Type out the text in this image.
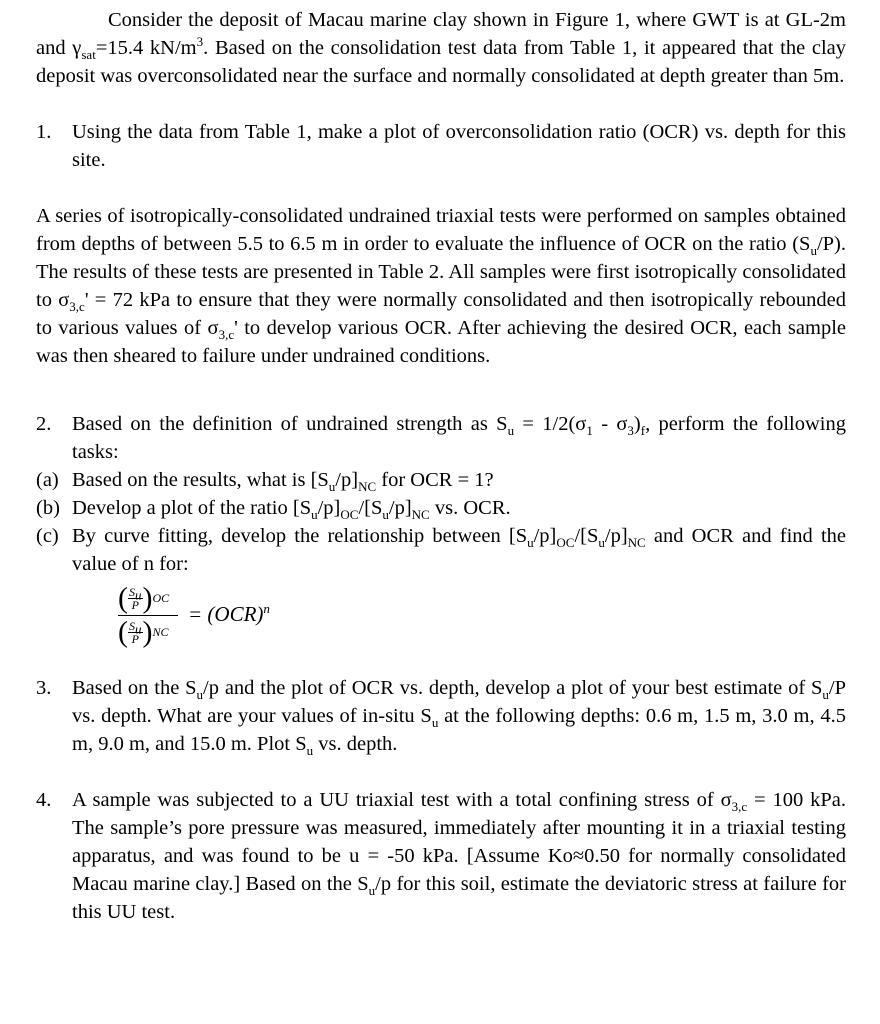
Consider the deposit of Macau marine clay shown in Figure 1, where GWT is at GL-2m and $\gamma_{sat}=15.4$ $kN/m^3$. Based on the consolidation test data from Table 1, it appeared that the clay deposit was overconsolidated near the surface and normally consolidated at depth greater than 5m.

1. Using the data from Table 1, make a plot of overconsolidation ratio (OCR) vs. depth for this site.

A series of isotropically-consolidated undrained triaxial tests were performed on samples obtained from depths of between 5.5 to 6.5 m in order to evaluate the influence of OCR on the ratio $(S_u/P)$. The results of these tests are presented in Table 2. All samples were first isotropically consolidated to $\sigma_{3,c}' = 72$ kPa to ensure that they were normally consolidated and then isotropically rebounded to various values of $\sigma_{3,c}'$ to develop various OCR. After achieving the desired OCR, each sample was then sheared to failure under undrained conditions.

2. Based on the definition of undrained strength as $S_u = 1/2(\sigma_1 - \sigma_3)_f$, perform the following tasks:

(a) Based on the results, what is $[S_u/p]_{NC}$ for OCR = 1?

(b) Develop a plot of the ratio $[S_u/p]_{OC}/[S_u/p]_{NC}$ vs. OCR.

(c) By curve fitting, develop the relationship between $[S_u/p]_{OC}/[S_u/p]_{NC}$ and OCR and find the value of n for:

( $\frac{S_u}{P} )OC$
( $\frac{S_u}{P} )NC$
= (OCR)$^n$

3. Based on the $S_u/p$ and the plot of OCR vs. depth, develop a plot of your best estimate of $S_u/P$ vs. depth. What are your values of in-situ $S_u$ at the following depths: 0.6 m, 1.5 m, 3.0 m, 4.5 m, 9.0 m, and 15.0 m. Plot $S_u$ vs. depth.

4. A sample was subjected to a UU triaxial test with a total confining stress of $\sigma_{3,c} = 100$ kPa. The sample’s pore pressure was measured, immediately after mounting it in a triaxial testing apparatus, and was found to be u = -50 kPa. [Assume Ko≈0.50 for normally consolidated Macau marine clay.] Based on the $S_u/p$ for this soil, estimate the deviatoric stress at failure for this UU test.
